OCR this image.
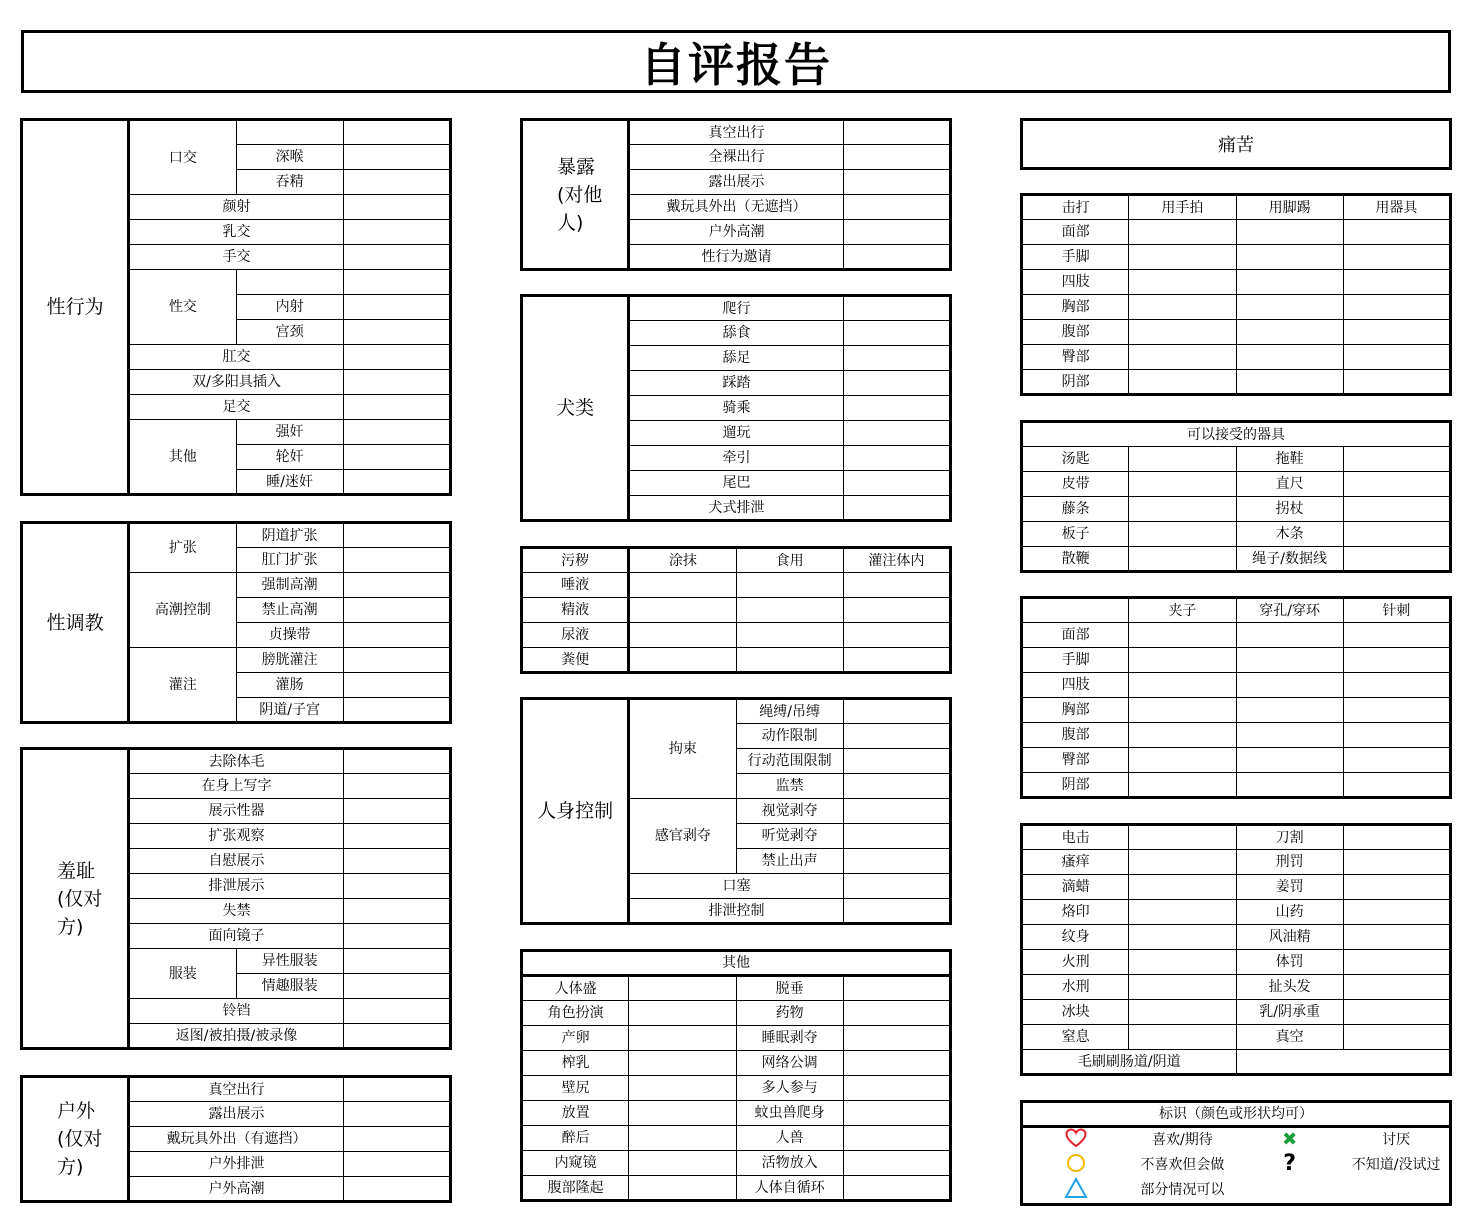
自评报告
性行为	口交		
		深喉	
		吞精	
	颜射		
	乳交		
	手交		
	性交		
		内射	
		宫颈	
	肛交		
	双/多阳具插入		
	足交		
	其他	强奸	
		轮奸	
		睡/迷奸	
性调教	扩张	阴道扩张	
		肛门扩张	
	高潮控制	强制高潮	
		禁止高潮	
		贞操带	
	灌注	膀胱灌注	
		灌肠	
		阴道/子宫	
羞耻
(仅对
方)	去除体毛		
	在身上写字		
	展示性器		
	扩张观察		
	自慰展示		
	排泄展示		
	失禁		
	面向镜子		
	服装	异性服装	
		情趣服装	
	铃铛		
	返图/被拍摄/被录像		
户外
(仅对
方)	真空出行	
	露出展示	
	戴玩具外出（有遮挡）	
	户外排泄	
	户外高潮	
暴露
(对他
人)	真空出行	
	全裸出行	
	露出展示	
	戴玩具外出（无遮挡）	
	户外高潮	
	性行为邀请	
犬类	爬行	
	舔食	
	舔足	
	踩踏	
	骑乘	
	遛玩	
	牵引	
	尾巴	
	犬式排泄	
污秽	涂抹	食用	灌注体内
唾液			
精液			
尿液			
粪便			
人身控制	拘束	绳缚/吊缚	
		动作限制	
		行动范围限制	
		监禁	
	感官剥夺	视觉剥夺	
		听觉剥夺	
		禁止出声	
	口塞		
	排泄控制		
其他			
人体盛		脱垂	
角色扮演		药物	
产卵		睡眠剥夺	
榨乳		网络公调	
壁尻		多人参与	
放置		蚊虫兽爬身	
醉后		人兽	
内窥镜		活物放入	
腹部隆起		人体自循环	
痛苦
击打	用手拍	用脚踢	用器具
面部			
手脚			
四肢			
胸部			
腹部			
臀部			
阴部			
可以接受的器具			
汤匙		拖鞋	
皮带		直尺	
藤条		拐杖	
板子		木条	
散鞭		绳子/数据线	
	夹子	穿孔/穿环	针刺
面部			
手脚			
四肢			
胸部			
腹部			
臀部			
阴部			
电击		刀割	
瘙痒		刑罚	
滴蜡		姜罚	
烙印		山药	
纹身		风油精	
火刑		体罚	
水刑		扯头发	
冰块		乳/阴承重	
窒息		真空	
毛刷刷肠道/阴道			
标识（颜色或形状均可）			
	喜欢/期待	✖	讨厌
	不喜欢但会做	?	不知道/没试过
	部分情况可以		
